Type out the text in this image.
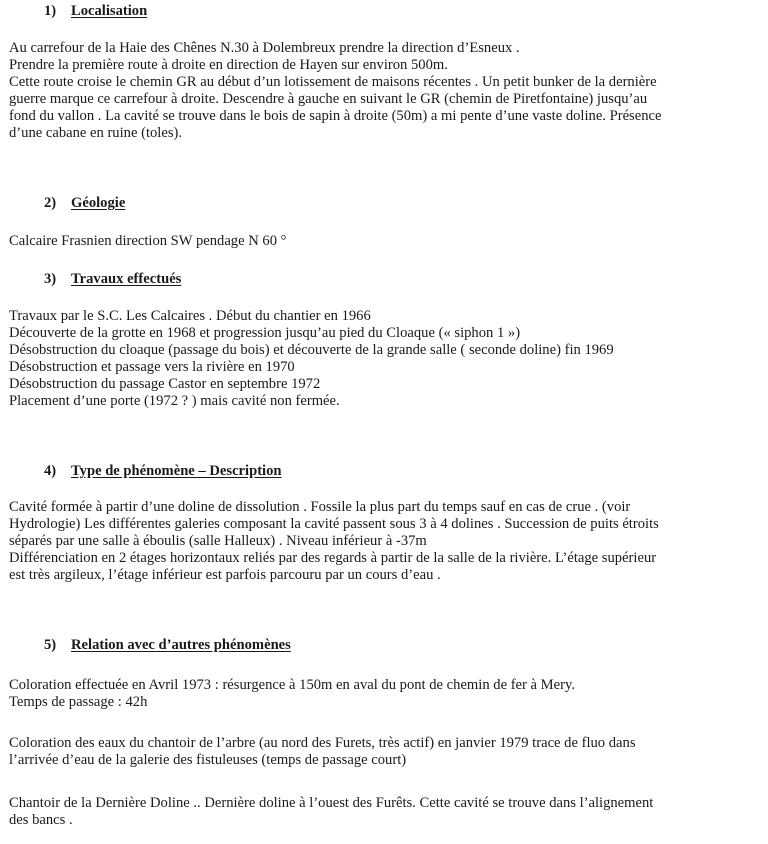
1) Localisation
Au carrefour de la Haie des Chênes N.30 à Dolembreux prendre la direction d’Esneux .
Prendre la première route à droite en direction de Hayen sur environ 500m.
Cette route croise le chemin GR au début d’un lotissement de maisons récentes . Un petit bunker de la dernière
guerre marque ce carrefour à droite. Descendre à gauche en suivant le GR (chemin de Piretfontaine) jusqu’au
fond du vallon . La cavité se trouve dans le bois de sapin à droite (50m) a mi pente d’une vaste doline. Présence
d’une cabane en ruine (toles).
2) Géologie
Calcaire Frasnien direction SW pendage N 60 °
3) Travaux effectués
Travaux par le S.C. Les Calcaires . Début du chantier en 1966
Découverte de la grotte en 1968 et progression jusqu’au pied du Cloaque (« siphon 1 »)
Désobstruction du cloaque (passage du bois) et découverte de la grande salle ( seconde doline) fin 1969
Désobstruction et passage vers la rivière en 1970
Désobstruction du passage Castor en septembre 1972
Placement d’une porte (1972 ? ) mais cavité non fermée.
4) Type de phénomène – Description
Cavité formée à partir d’une doline de dissolution . Fossile la plus part du temps sauf en cas de crue . (voir
Hydrologie) Les différentes galeries composant la cavité passent sous 3 à 4 dolines . Succession de puits étroits
séparés par une salle à éboulis (salle Halleux) . Niveau inférieur à -37m
Différenciation en 2 étages horizontaux reliés par des regards à partir de la salle de la rivière. L’étage supérieur
est très argileux, l’étage inférieur est parfois parcouru par un cours d’eau .
5) Relation avec d’autres phénomènes
Coloration effectuée en Avril 1973 : résurgence à 150m en aval du pont de chemin de fer à Mery.
Temps de passage : 42h
Coloration des eaux du chantoir de l’arbre (au nord des Furets, très actif) en janvier 1979 trace de fluo dans
l’arrivée d’eau de la galerie des fistuleuses (temps de passage court)
Chantoir de la Dernière Doline .. Dernière doline à l’ouest des Furêts. Cette cavité se trouve dans l’alignement
des bancs .
